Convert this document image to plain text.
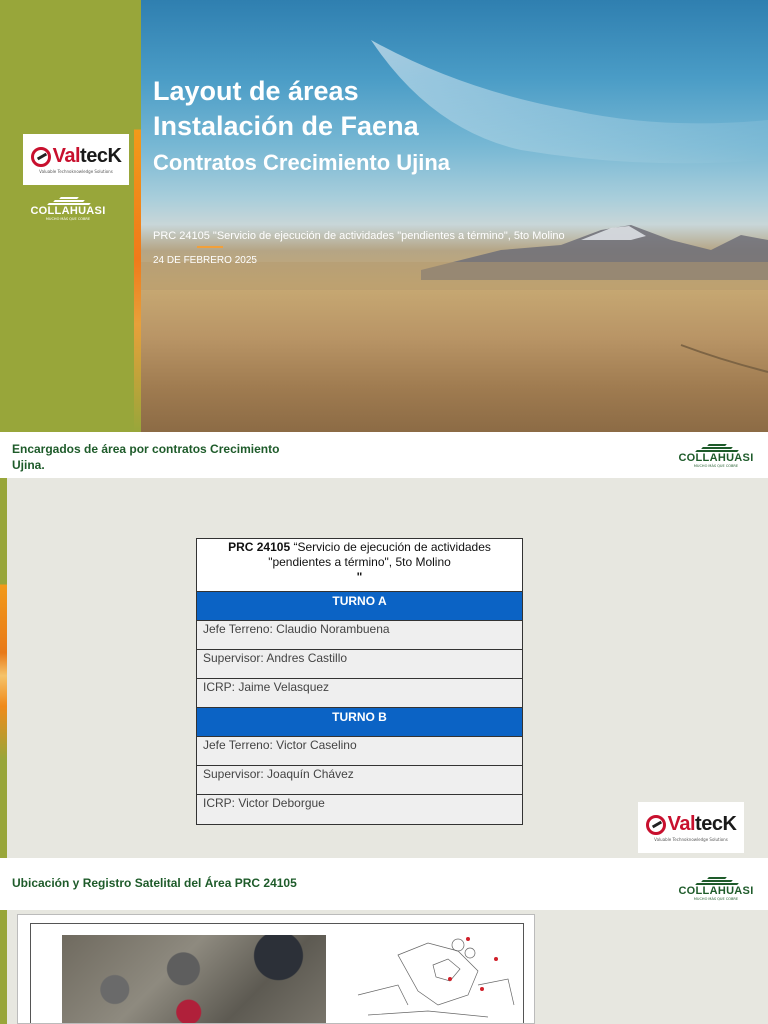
Layout de áreas
Instalación de Faena
Contratos Crecimiento Ujina
PRC 24105 "Servicio de ejecución de actividades "pendientes a término", 5to Molino
24 DE FEBRERO 2025
ValtecK
Valuable Technoknowledge Solutions
COLLAHUASI
MUCHO MÁS QUE COBRE
Encargados de área por contratos Crecimiento Ujina.	COLLAHUASI
MUCHO MÁS QUE COBRE
PRC 24105 “Servicio de ejecución de actividades "pendientes a término", 5to Molino
"
TURNO A
Jefe Terreno: Claudio Norambuena
Supervisor: Andres Castillo
ICRP: Jaime Velasquez
TURNO B
Jefe Terreno: Victor Caselino
Supervisor: Joaquín Chávez
ICRP: Victor Deborgue
ValtecK
Valuable Technoknowledge Solutions
Ubicación y Registro Satelital del Área PRC 24105
COLLAHUASI
MUCHO MÁS QUE COBRE
